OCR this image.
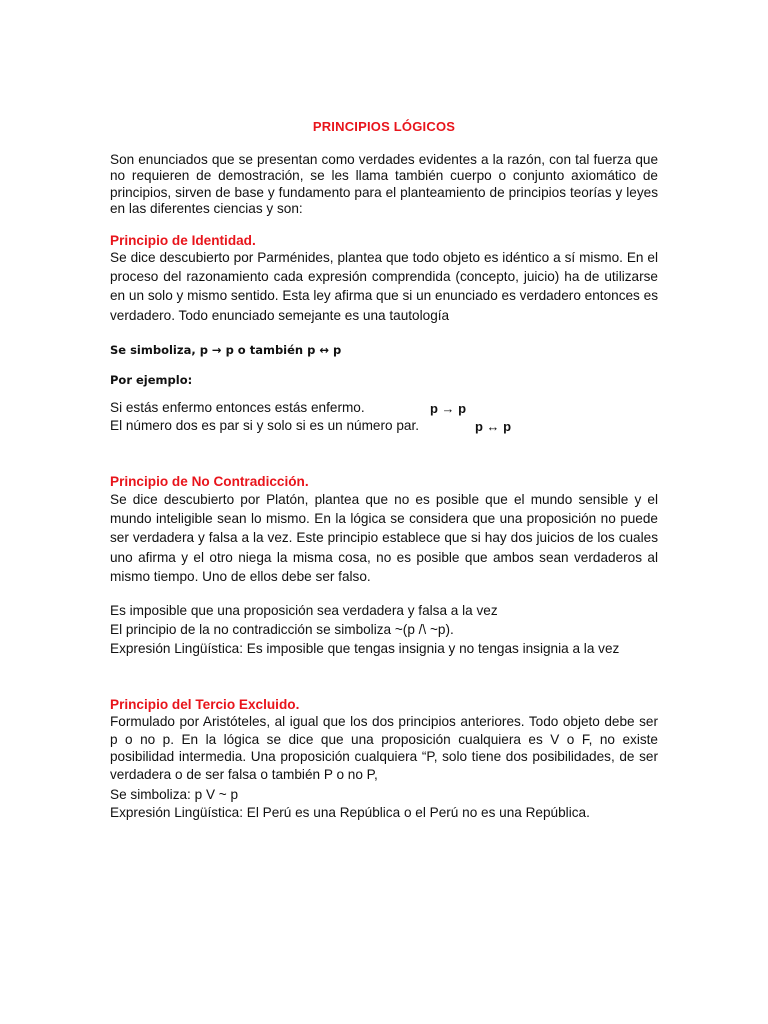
PRINCIPIOS LÓGICOS

Son enunciados que se presentan como verdades evidentes a la razón, con tal fuerza que no requieren de demostración, se les llama también cuerpo o conjunto axiomático de principios, sirven de base y fundamento para el planteamiento de principios teorías y leyes en las diferentes ciencias y son:

Principio de Identidad.

Se dice descubierto por Parménides, plantea que todo objeto es idéntico a sí mismo. En el proceso del razonamiento cada expresión comprendida (concepto, juicio) ha de utilizarse en un solo y mismo sentido. Esta ley afirma que si un enunciado es verdadero entonces es verdadero. Todo enunciado semejante es una tautología

Se simboliza, p → p o también p ↔ p

Por ejemplo:

Si estás enfermo entonces estás enfermo.	p → p

El número dos es par si y solo si es un número par.	p ↔ p

Principio de No Contradicción.

Se dice descubierto por Platón, plantea que no es posible que el mundo sensible y el mundo inteligible sean lo mismo. En la lógica se considera que una proposición no puede ser verdadera y falsa a la vez. Este principio establece que si hay dos juicios de los cuales uno afirma y el otro niega la misma cosa, no es posible que ambos sean verdaderos al mismo tiempo. Uno de ellos debe ser falso.

Es imposible que una proposición sea verdadera y falsa a la vez
El principio de la no contradicción se simboliza ~(p /\ ~p).
Expresión Lingüística: Es imposible que tengas insignia y no tengas insignia a la vez

Principio del Tercio Excluido.

Formulado por Aristóteles, al igual que los dos principios anteriores. Todo objeto debe ser p o no p. En la lógica se dice que una proposición cualquiera es V o F, no existe posibilidad intermedia. Una proposición cualquiera “P, solo tiene dos posibilidades, de ser verdadera o de ser falsa o también P o no P,

Se simboliza: p V ~ p
Expresión Lingüística: El Perú es una República o el Perú no es una República.
